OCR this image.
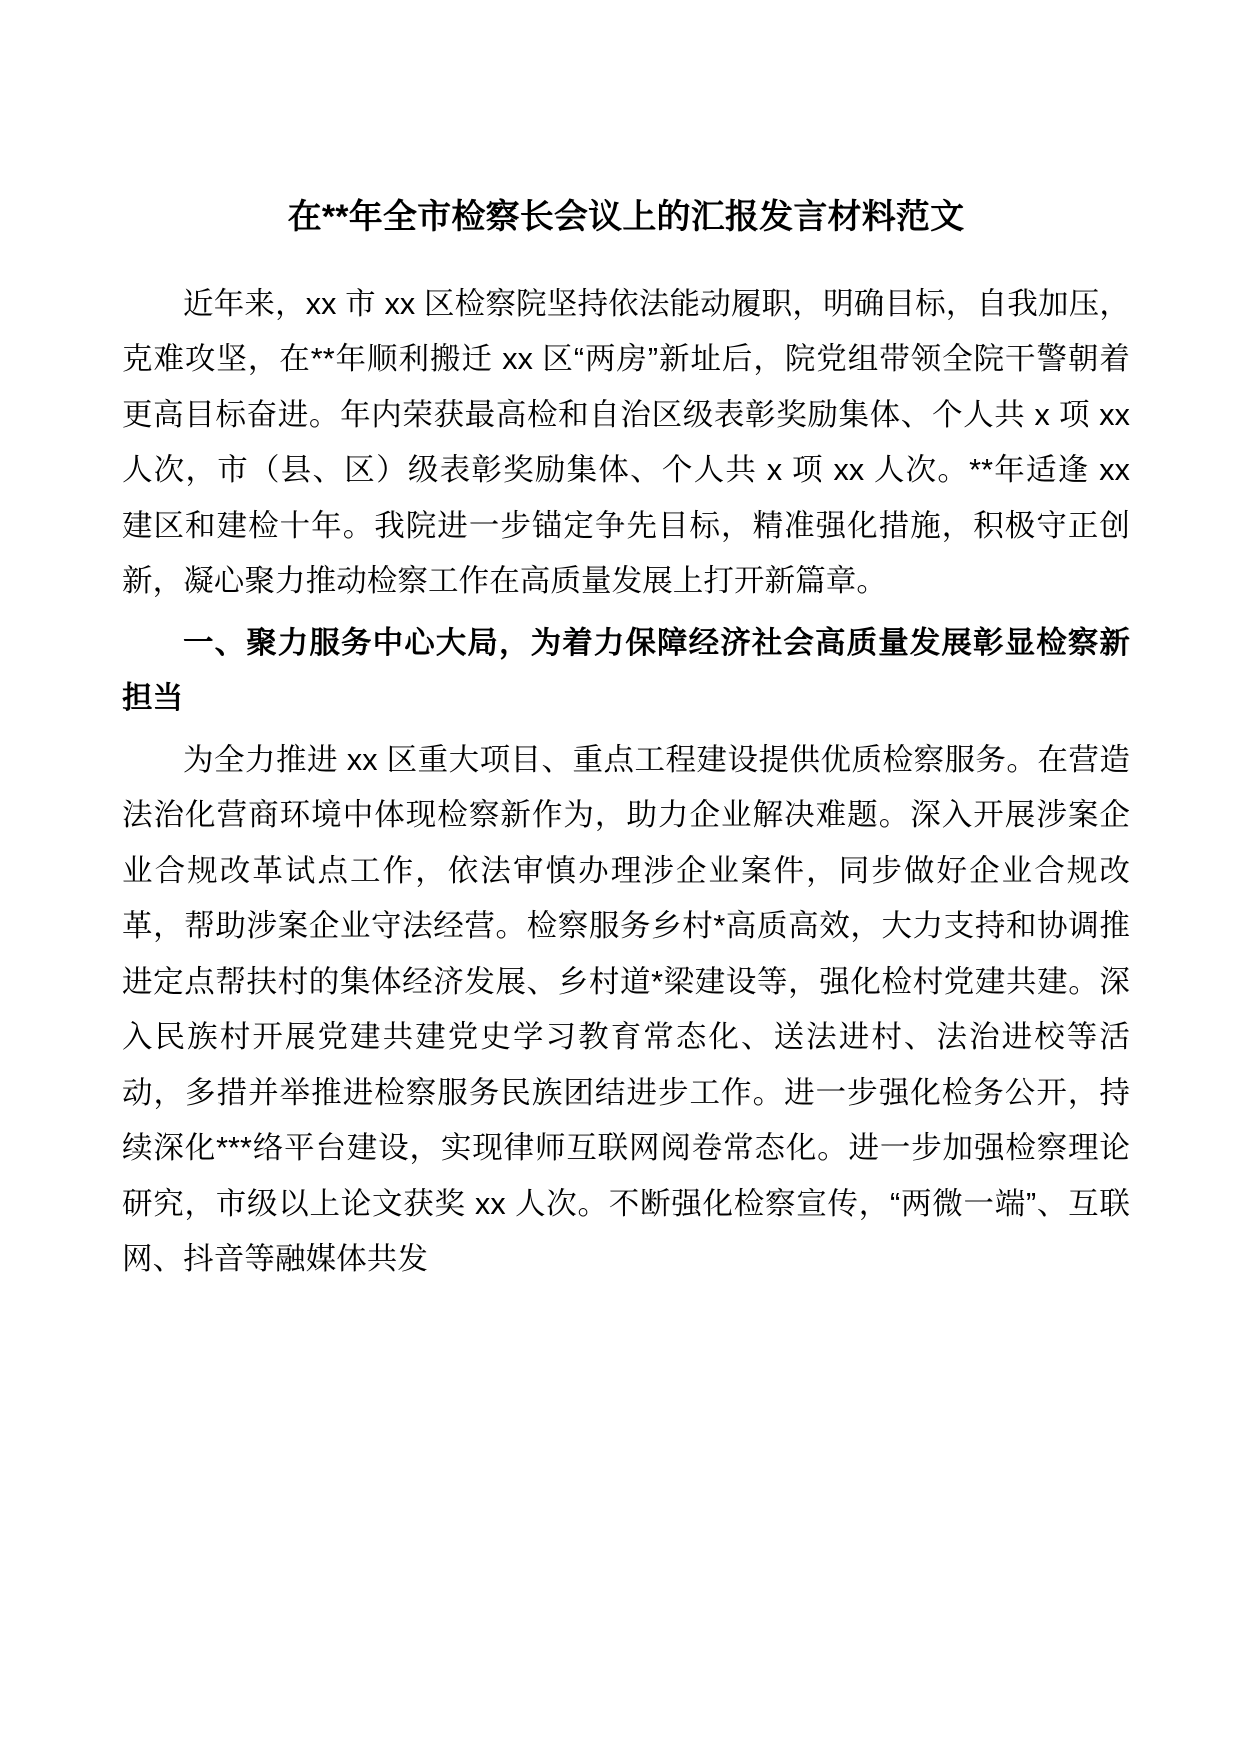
在**年全市检察长会议上的汇报发言材料范文

近年来，xx 市 xx 区检察院坚持依法能动履职，明确目标，自我加压，克难攻坚，在**年顺利搬迁 xx 区“两房”新址后，院党组带领全院干警朝着更高目标奋进。年内荣获最高检和自治区级表彰奖励集体、个人共 x 项 xx 人次，市（县、区）级表彰奖励集体、个人共 x 项 xx 人次。**年适逢 xx 建区和建检十年。我院进一步锚定争先目标，精准强化措施，积极守正创新，凝心聚力推动检察工作在高质量发展上打开新篇章。

一、聚力服务中心大局，为着力保障经济社会高质量发展彰显检察新担当

为全力推进 xx 区重大项目、重点工程建设提供优质检察服务。在营造法治化营商环境中体现检察新作为，助力企业解决难题。深入开展涉案企业合规改革试点工作，依法审慎办理涉企业案件，同步做好企业合规改革，帮助涉案企业守法经营。检察服务乡村*高质高效，大力支持和协调推进定点帮扶村的集体经济发展、乡村道*梁建设等，强化检村党建共建。深入民族村开展党建共建党史学习教育常态化、送法进村、法治进校等活动，多措并举推进检察服务民族团结进步工作。进一步强化检务公开，持续深化***络平台建设，实现律师互联网阅卷常态化。进一步加强检察理论研究，市级以上论文获奖 xx 人次。不断强化检察宣传，“两微一端”、互联网、抖音等融媒体共发
